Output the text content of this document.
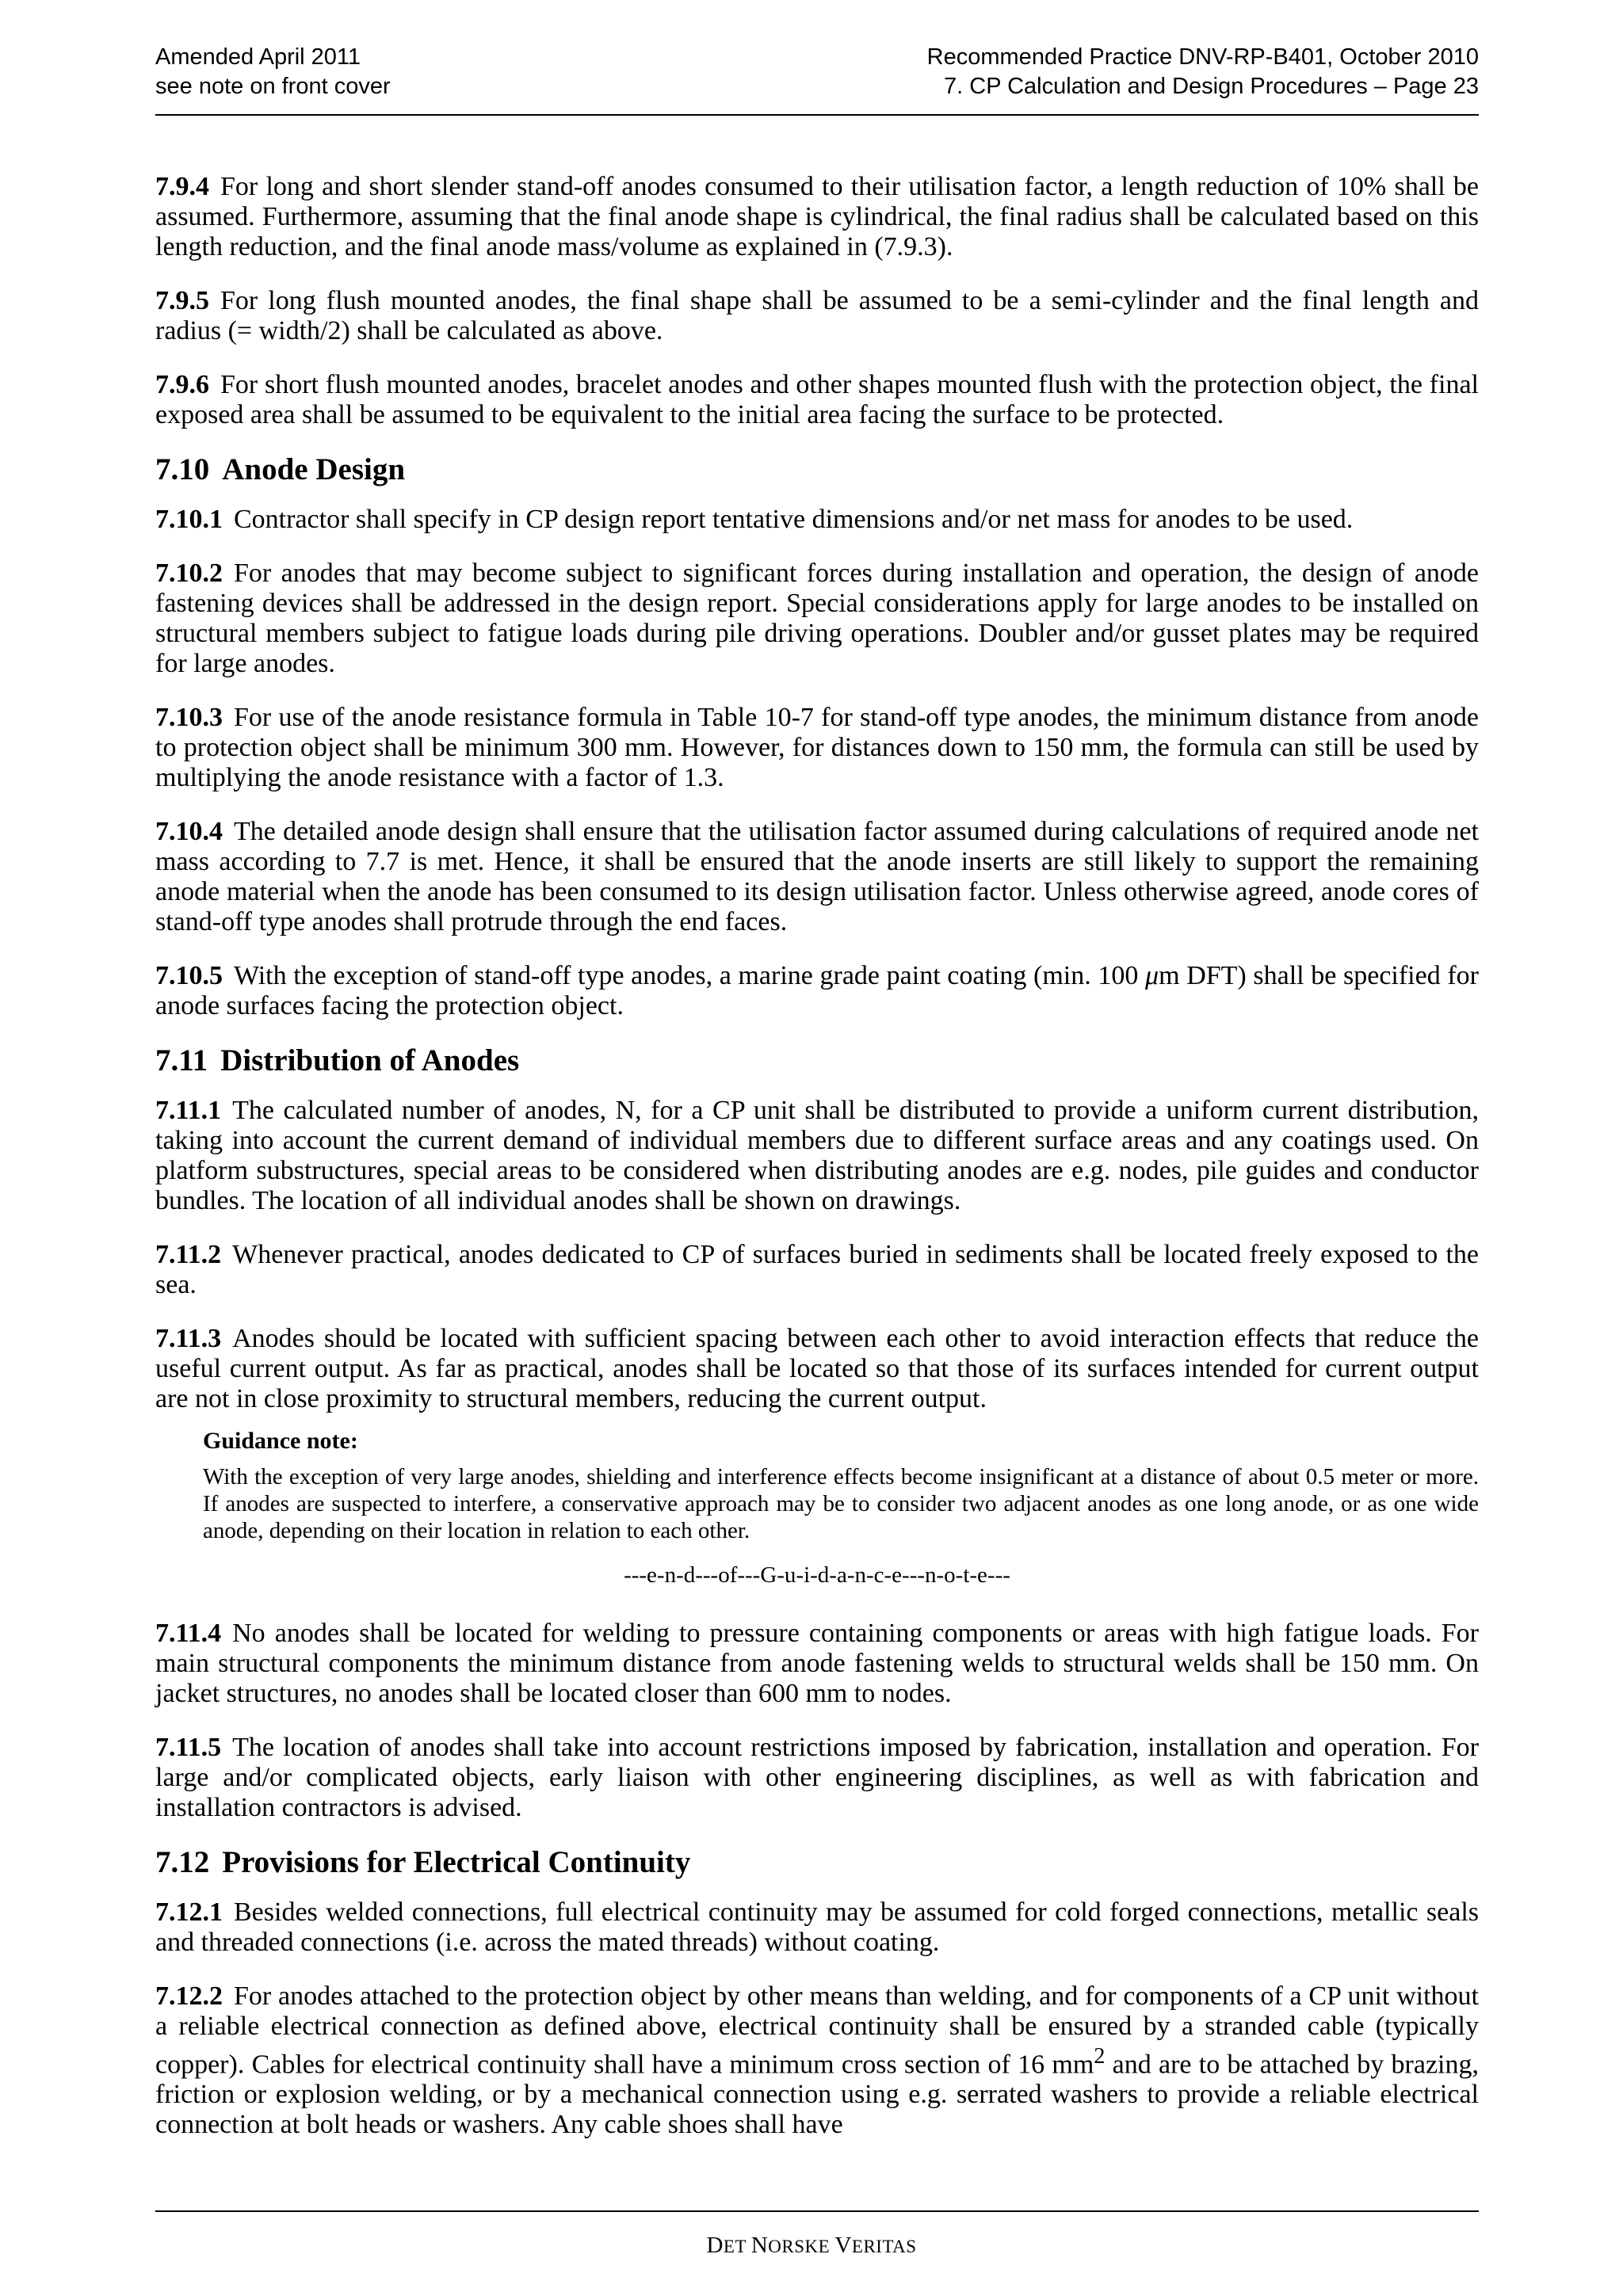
Amended April 2011
see note on front cover
Recommended Practice DNV-RP-B401, October 2010
7. CP Calculation and Design Procedures – Page 23

7.9.4 For long and short slender stand-off anodes consumed to their utilisation factor, a length reduction of 10% shall be assumed. Furthermore, assuming that the final anode shape is cylindrical, the final radius shall be calculated based on this length reduction, and the final anode mass/volume as explained in (7.9.3).

7.9.5 For long flush mounted anodes, the final shape shall be assumed to be a semi-cylinder and the final length and radius (= width/2) shall be calculated as above.

7.9.6 For short flush mounted anodes, bracelet anodes and other shapes mounted flush with the protection object, the final exposed area shall be assumed to be equivalent to the initial area facing the surface to be protected.

7.10 Anode Design

7.10.1 Contractor shall specify in CP design report tentative dimensions and/or net mass for anodes to be used.

7.10.2 For anodes that may become subject to significant forces during installation and operation, the design of anode fastening devices shall be addressed in the design report. Special considerations apply for large anodes to be installed on structural members subject to fatigue loads during pile driving operations. Doubler and/or gusset plates may be required for large anodes.

7.10.3 For use of the anode resistance formula in Table 10-7 for stand-off type anodes, the minimum distance from anode to protection object shall be minimum 300 mm. However, for distances down to 150 mm, the formula can still be used by multiplying the anode resistance with a factor of 1.3.

7.10.4 The detailed anode design shall ensure that the utilisation factor assumed during calculations of required anode net mass according to 7.7 is met. Hence, it shall be ensured that the anode inserts are still likely to support the remaining anode material when the anode has been consumed to its design utilisation factor. Unless otherwise agreed, anode cores of stand-off type anodes shall protrude through the end faces.

7.10.5 With the exception of stand-off type anodes, a marine grade paint coating (min. 100 μm DFT) shall be specified for anode surfaces facing the protection object.

7.11 Distribution of Anodes

7.11.1 The calculated number of anodes, N, for a CP unit shall be distributed to provide a uniform current distribution, taking into account the current demand of individual members due to different surface areas and any coatings used. On platform substructures, special areas to be considered when distributing anodes are e.g. nodes, pile guides and conductor bundles. The location of all individual anodes shall be shown on drawings.

7.11.2 Whenever practical, anodes dedicated to CP of surfaces buried in sediments shall be located freely exposed to the sea.

7.11.3 Anodes should be located with sufficient spacing between each other to avoid interaction effects that reduce the useful current output. As far as practical, anodes shall be located so that those of its surfaces intended for current output are not in close proximity to structural members, reducing the current output.

Guidance note:

With the exception of very large anodes, shielding and interference effects become insignificant at a distance of about 0.5 meter or more. If anodes are suspected to interfere, a conservative approach may be to consider two adjacent anodes as one long anode, or as one wide anode, depending on their location in relation to each other.

---e-n-d---of---G-u-i-d-a-n-c-e---n-o-t-e---

7.11.4 No anodes shall be located for welding to pressure containing components or areas with high fatigue loads. For main structural components the minimum distance from anode fastening welds to structural welds shall be 150 mm. On jacket structures, no anodes shall be located closer than 600 mm to nodes.

7.11.5 The location of anodes shall take into account restrictions imposed by fabrication, installation and operation. For large and/or complicated objects, early liaison with other engineering disciplines, as well as with fabrication and installation contractors is advised.

7.12 Provisions for Electrical Continuity

7.12.1 Besides welded connections, full electrical continuity may be assumed for cold forged connections, metallic seals and threaded connections (i.e. across the mated threads) without coating.

7.12.2 For anodes attached to the protection object by other means than welding, and for components of a CP unit without a reliable electrical connection as defined above, electrical continuity shall be ensured by a stranded cable (typically copper). Cables for electrical continuity shall have a minimum cross section of 16 $mm^2$ and are to be attached by brazing, friction or explosion welding, or by a mechanical connection using e.g. serrated washers to provide a reliable electrical connection at bolt heads or washers. Any cable shoes shall have

DET NORSKE VERITAS
